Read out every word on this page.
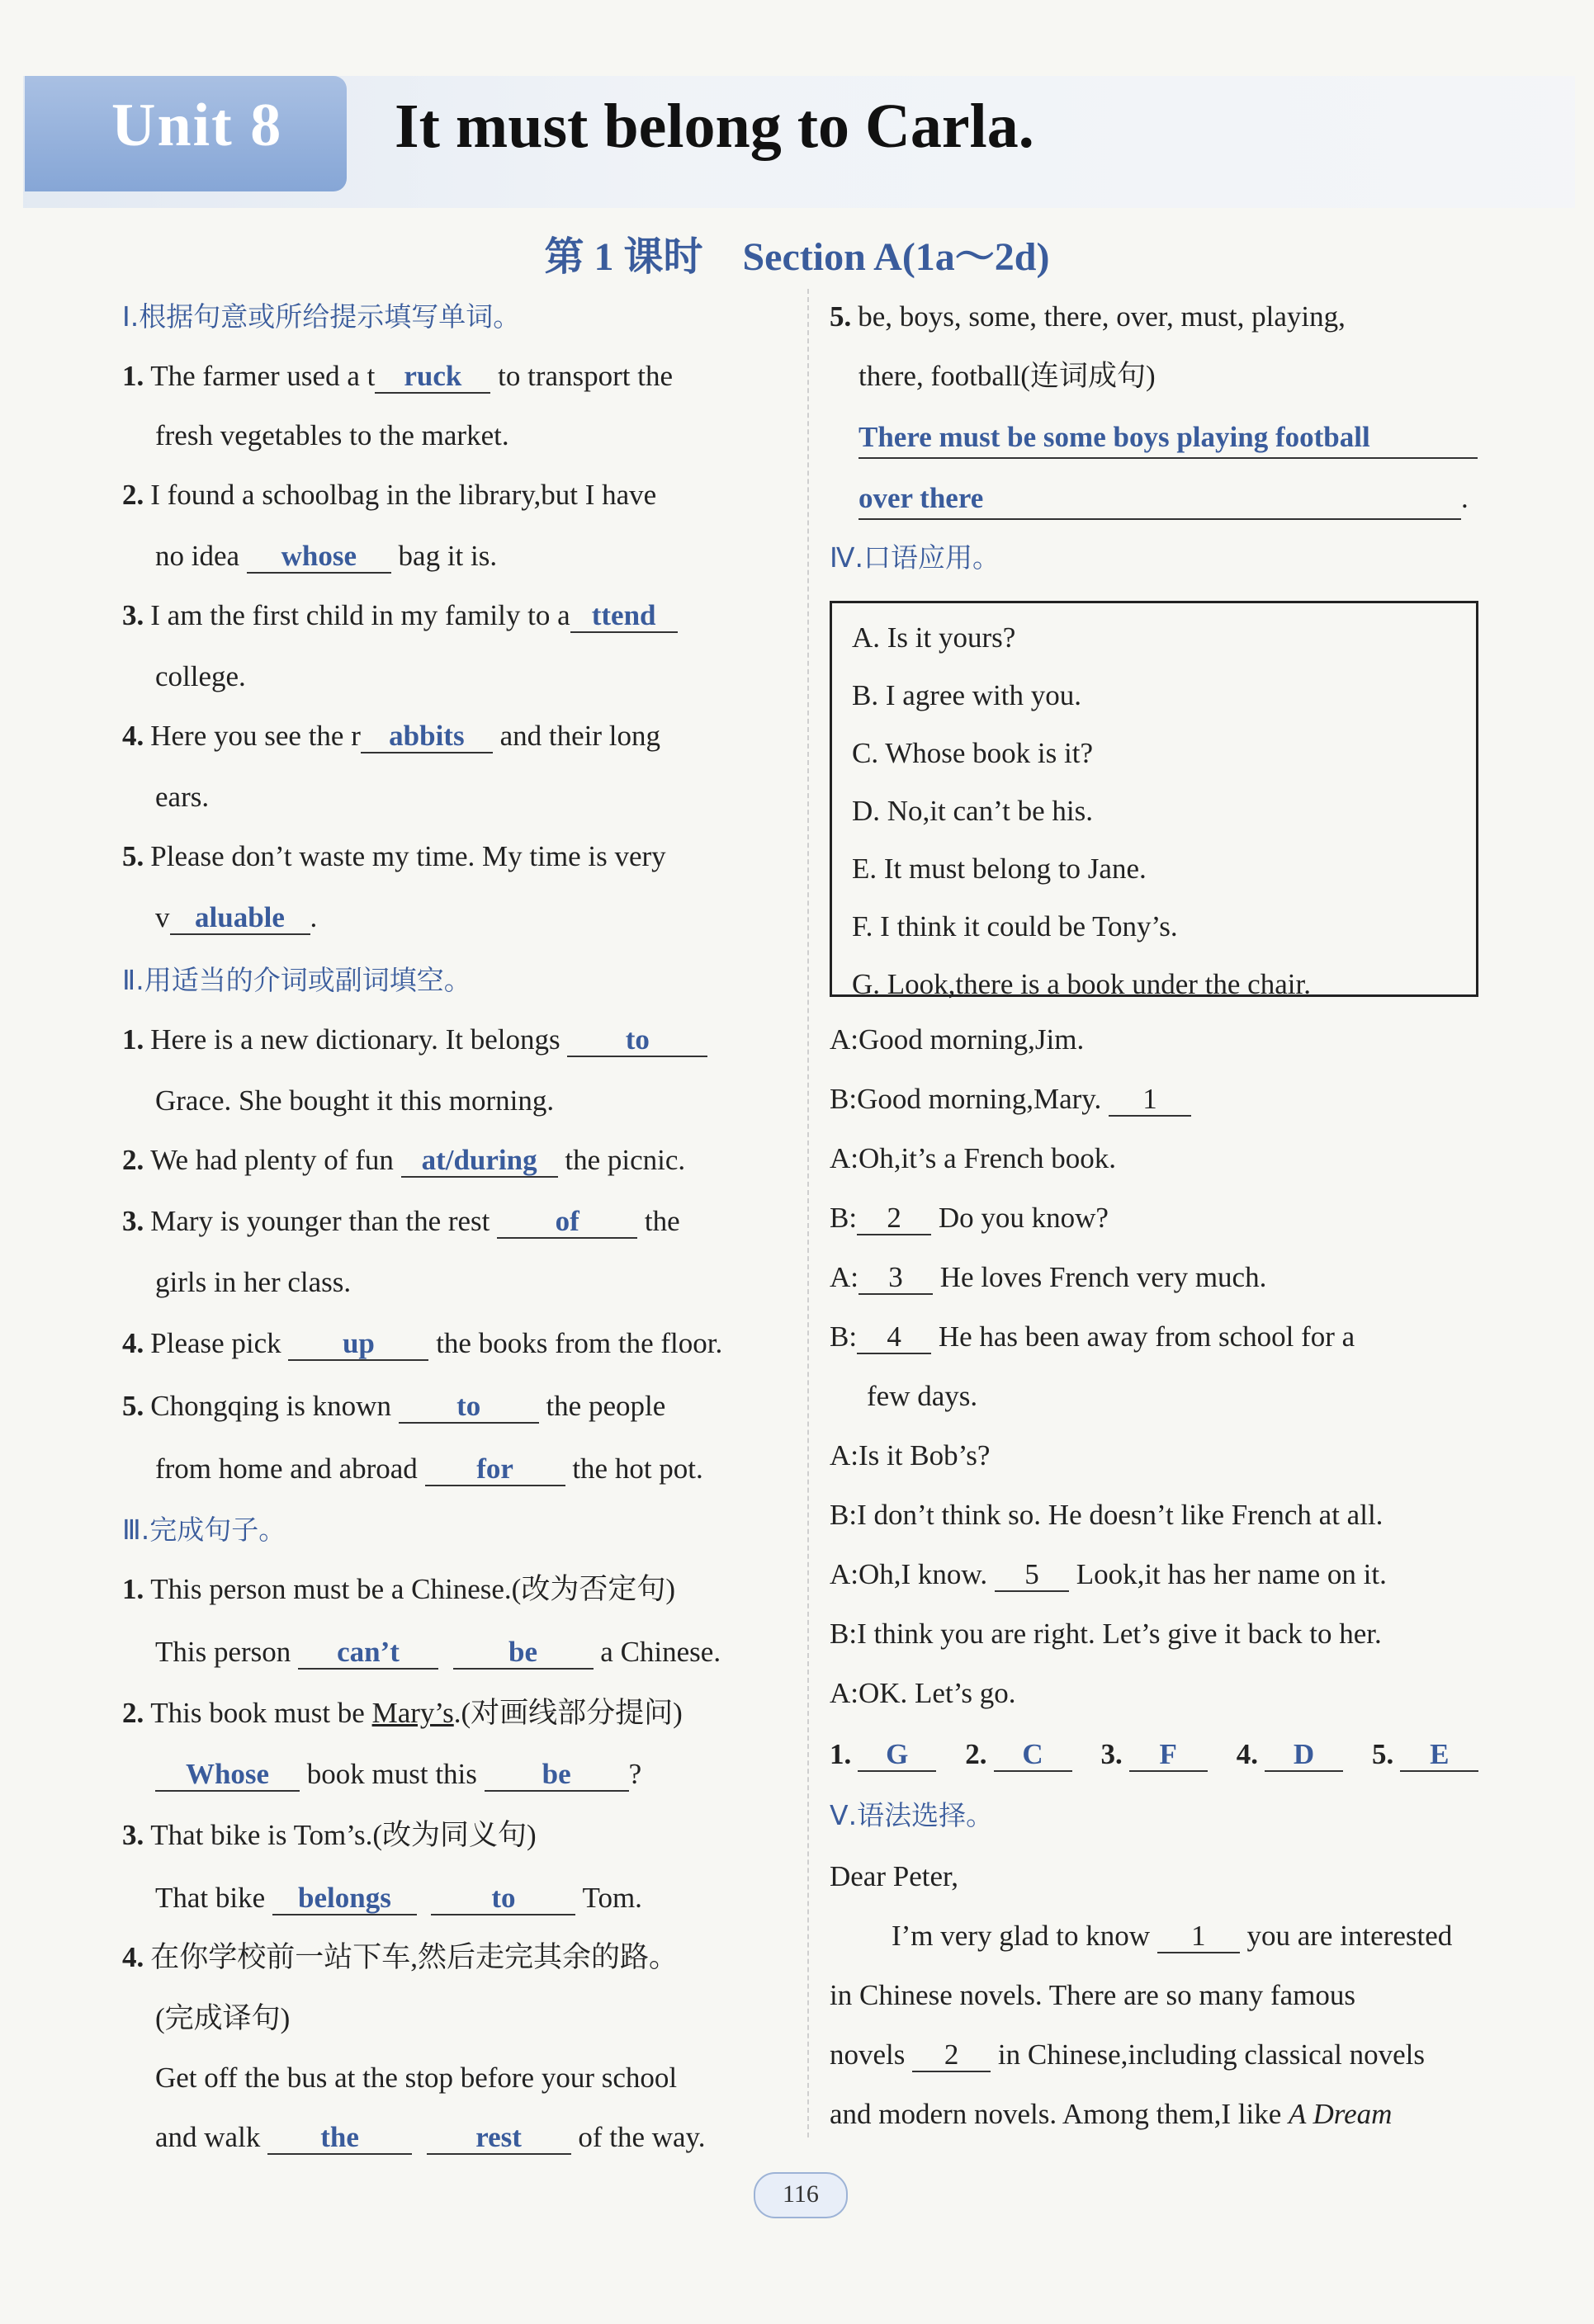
Unit 8 It must belong to Carla.
第 1 课时　Section A(1a～2d)
Ⅰ.根据句意或所给提示填写单词。
1. The farmer used a t ruck to transport the
fresh vegetables to the market.
2. I found a schoolbag in the library,but I have
no idea whose bag it is.
3. I am the first child in my family to a ttend
college.
4. Here you see the r abbits and their long
ears.
5. Please don’t waste my time. My time is very
v aluable .
Ⅱ.用适当的介词或副词填空。
1. Here is a new dictionary. It belongs to
Grace. She bought it this morning.
2. We had plenty of fun at/during the picnic.
3. Mary is younger than the rest of the
girls in her class.
4. Please pick up the books from the floor.
5. Chongqing is known to the people
from home and abroad for the hot pot.
Ⅲ.完成句子。
1. This person must be a Chinese.(改为否定句)
This person can’t	be a Chinese.
2. This book must be Mary’s.(对画线部分提问)
Whose book must this be ?
3. That bike is Tom’s.(改为同义句)
That bike belongs	to Tom.
4. 在你学校前一站下车,然后走完其余的路。
(完成译句)
Get off the bus at the stop before your school
and walk the	rest of the way.
5. be, boys, some, there, over, must, playing,
there, football(连词成句)
There must be some boys playing football
over there	.
Ⅳ.口语应用。
A. Is it yours?
B. I agree with you.
C. Whose book is it?
D. No,it can’t be his.
E. It must belong to Jane.
F. I think it could be Tony’s.
G. Look,there is a book under the chair.
A:Good morning,Jim.
B:Good morning,Mary. 1
A:Oh,it’s a French book.
B: 2 Do you know?
A: 3 He loves French very much.
B: 4 He has been away from school for a
few days.
A:Is it Bob’s?
B:I don’t think so. He doesn’t like French at all.
A:Oh,I know. 5 Look,it has her name on it.
B:I think you are right. Let’s give it back to her.
A:OK. Let’s go.
1. G 2. C 3. F 4. D 5. E
Ⅴ.语法选择。
Dear Peter,
I’m very glad to know 1 you are interested
in Chinese novels. There are so many famous
novels 2 in Chinese,including classical novels
and modern novels. Among them,I like A Dream
116
